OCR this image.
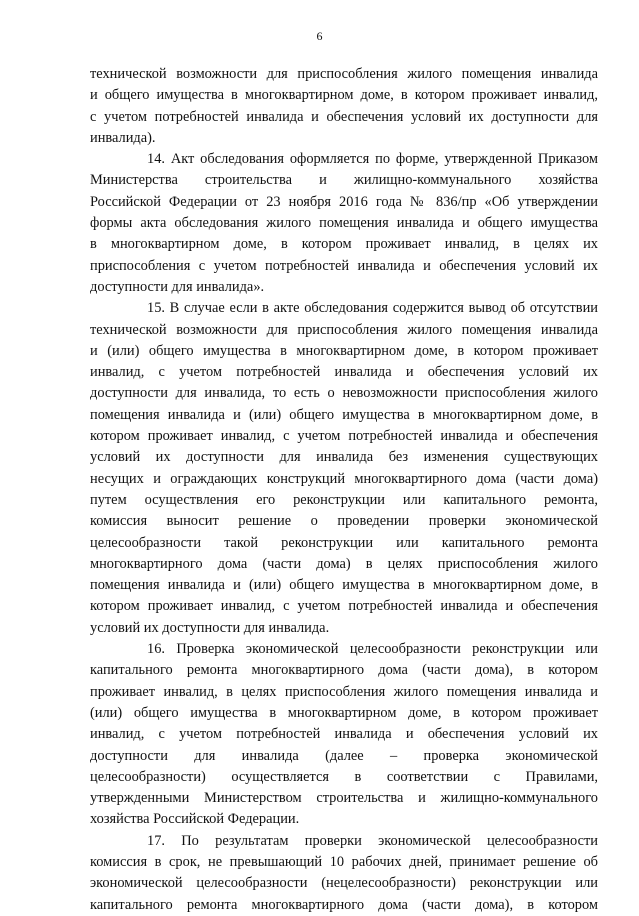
6
технической возможности для приспособления жилого помещения инвалида
и общего имущества в многоквартирном доме, в котором проживает инвалид,
с учетом потребностей инвалида и обеспечения условий их доступности для
инвалида).
14. Акт обследования оформляется по форме, утвержденной Приказом
Министерства строительства и жилищно-коммунального хозяйства
Российской Федерации от 23 ноября 2016 года № 836/пр «Об утверждении
формы акта обследования жилого помещения инвалида и общего имущества
в многоквартирном доме, в котором проживает инвалид, в целях их
приспособления с учетом потребностей инвалида и обеспечения условий их
доступности для инвалида».
15. В случае если в акте обследования содержится вывод об отсутствии
технической возможности для приспособления жилого помещения инвалида
и (или) общего имущества в многоквартирном доме, в котором проживает
инвалид, с учетом потребностей инвалида и обеспечения условий их
доступности для инвалида, то есть о невозможности приспособления жилого
помещения инвалида и (или) общего имущества в многоквартирном доме, в
котором проживает инвалид, с учетом потребностей инвалида и обеспечения
условий их доступности для инвалида без изменения существующих
несущих и ограждающих конструкций многоквартирного дома (части дома)
путем осуществления его реконструкции или капитального ремонта,
комиссия выносит решение о проведении проверки экономической
целесообразности такой реконструкции или капитального ремонта
многоквартирного дома (части дома) в целях приспособления жилого
помещения инвалида и (или) общего имущества в многоквартирном доме, в
котором проживает инвалид, с учетом потребностей инвалида и обеспечения
условий их доступности для инвалида.
16. Проверка экономической целесообразности реконструкции или
капитального ремонта многоквартирного дома (части дома), в котором
проживает инвалид, в целях приспособления жилого помещения инвалида и
(или) общего имущества в многоквартирном доме, в котором проживает
инвалид, с учетом потребностей инвалида и обеспечения условий их
доступности для инвалида (далее – проверка экономической
целесообразности) осуществляется в соответствии с Правилами,
утвержденными Министерством строительства и жилищно-коммунального
хозяйства Российской Федерации.
17. По результатам проверки экономической целесообразности
комиссия в срок, не превышающий 10 рабочих дней, принимает решение об
экономической целесообразности (нецелесообразности) реконструкции или
капитального ремонта многоквартирного дома (части дома), в котором
